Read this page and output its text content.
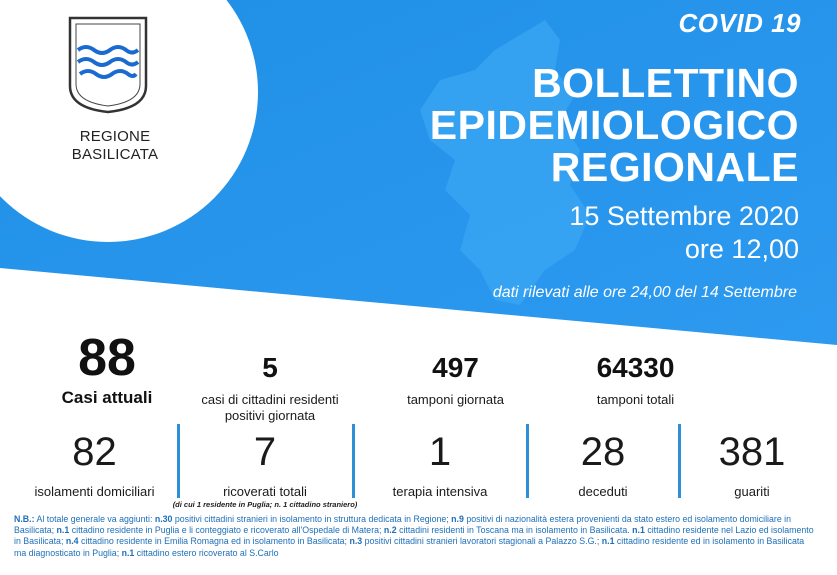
REGIONE
BASILICATA
COVID 19
BOLLETTINO
EPIDEMIOLOGICO
REGIONALE
15 Settembre 2020
ore 12,00
dati rilevati alle ore 24,00 del 14 Settembre
88
Casi attuali
5
casi di cittadini residenti
positivi giornata
497
tamponi giornata
64330
tamponi totali
82
isolamenti domiciliari
7
ricoverati totali
1
terapia intensiva
28
deceduti
381
guariti
(di cui 1 residente in Puglia; n. 1 cittadino straniero)
N.B.: Al totale generale va aggiunti: n.30 positivi cittadini stranieri in isolamento in struttura dedicata in Regione; n.9 positivi di nazionalità estera provenienti da stato estero ed isolamento domiciliare in Basilicata; n.1 cittadino residente in Puglia e li conteggiato e ricoverato all'Ospedale di Matera; n.2 cittadini residenti in Toscana ma in isolamento in Basilicata. n.1 cittadino residente nel Lazio ed isolamento in Basilicata; n.4 cittadino residente in Emilia Romagna ed in isolamento in Basilicata; n.3 positivi cittadini stranieri lavoratori stagionali a Palazzo S.G.; n.1 cittadino residente ed in isolamento in Basilicata ma diagnosticato in Puglia; n.1 cittadino estero ricoverato al S.Carlo
